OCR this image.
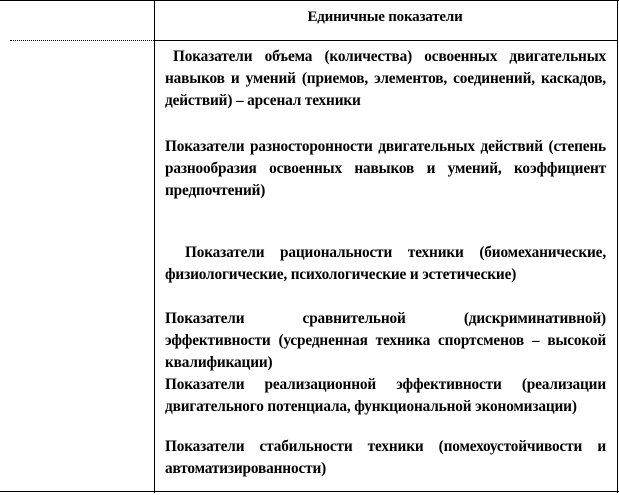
Единичные показатели
Показатели объема (количества) освоенных двигательных навыков и умений (приемов, элементов, соединений, каскадов, действий) – арсенал техники
Показатели разносторонности двигательных действий (степень разнообразия освоенных навыков и умений, коэффициент предпочтений)
Показатели рациональности техники (биомеханические, физиологические, психологические и эстетические)
Показатели сравнительной (дискриминативной) эффективности (усредненная техника спортсменов – высокой квалификации)
Показатели реализационной эффективности (реализации двигательного потенциала, функциональной экономизации)
Показатели стабильности техники (помехоустойчивости и автоматизированности)
